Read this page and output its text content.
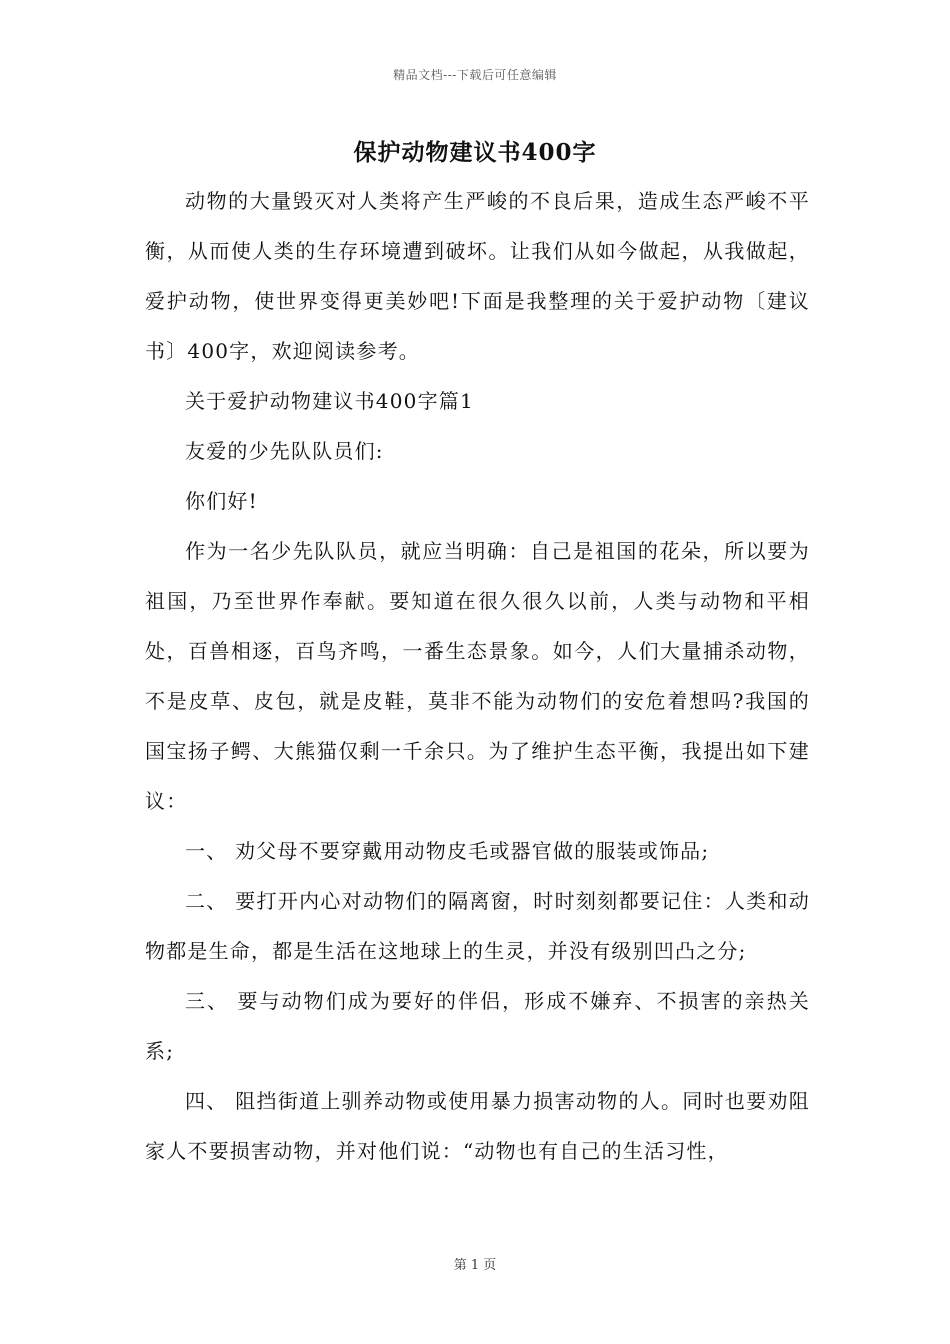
精品文档---下载后可任意编辑
保护动物建议书400字

动物的大量毁灭对人类将产生严峻的不良后果，造成生态严峻不平衡，从而使人类的生存环境遭到破坏。让我们从如今做起，从我做起，爱护动物，使世界变得更美妙吧!下面是我整理的关于爱护动物〔建议书〕400字，欢迎阅读参考。

关于爱护动物建议书400字篇1

友爱的少先队队员们:

你们好!

作为一名少先队队员，就应当明确：自己是祖国的花朵，所以要为祖国，乃至世界作奉献。要知道在很久很久以前，人类与动物和平相处，百兽相逐，百鸟齐鸣，一番生态景象。如今，人们大量捕杀动物，不是皮草、皮包，就是皮鞋，莫非不能为动物们的安危着想吗?我国的国宝扬子鳄、大熊猫仅剩一千余只。为了维护生态平衡，我提出如下建议：

一、 劝父母不要穿戴用动物皮毛或器官做的服装或饰品;

二、 要打开内心对动物们的隔离窗，时时刻刻都要记住：人类和动物都是生命，都是生活在这地球上的生灵，并没有级别凹凸之分;

三、 要与动物们成为要好的伴侣，形成不嫌弃、不损害的亲热关系;

四、 阻挡街道上驯养动物或使用暴力损害动物的人。同时也要劝阻家人不要损害动物，并对他们说：“动物也有自己的生活习性，

第 1 页
